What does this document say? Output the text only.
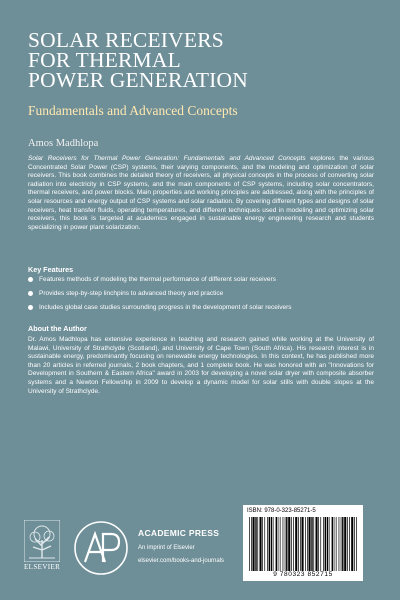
SOLAR RECEIVERS
FOR THERMAL
POWER GENERATION
Fundamentals and Advanced Concepts
Amos Madhlopa

Solar Receivers for Thermal Power Generation: Fundamentals and Advanced Concepts explores the various Concentrated Solar Power (CSP) systems, their varying components, and the modeling and optimization of solar receivers. This book combines the detailed theory of receivers, all physical concepts in the process of converting solar radiation into electricity in CSP systems, and the main components of CSP systems, including solar concentrators, thermal receivers, and power blocks. Main properties and working principles are addressed, along with the principles of solar resources and energy output of CSP systems and solar radiation. By covering different types and designs of solar receivers, heat transfer fluids, operating temperatures, and different techniques used in modeling and optimizing solar receivers, this book is targeted at academics engaged in sustainable energy engineering research and students specializing in power plant solarization.

Key Features

Features methods of modeling the thermal performance of different solar receivers
Provides step-by-step linchpins to advanced theory and practice
Includes global case studies surrounding progress in the development of solar receivers

About the Author

Dr. Amos Madhlopa has extensive experience in teaching and research gained while working at the University of Malawi, University of Strathclyde (Scotland), and University of Cape Town (South Africa). His research interest is in sustainable energy, predominantly focusing on renewable energy technologies. In this context, he has published more than 20 articles in referred journals, 2 book chapters, and 1 complete book. He was honored with an "Innovations for Development in Southern & Eastern Africa" award in 2003 for developing a novel solar dryer with composite absorber systems and a Newton Fellowship in 2009 to develop a dynamic model for solar stills with double slopes at the University of Strathclyde.

ELSEVIER
ACADEMIC PRESS
An imprint of Elsevier
elsevier.com/books-and-journals
ISBN: 978-0-323-85271-5
9 780323 852715
